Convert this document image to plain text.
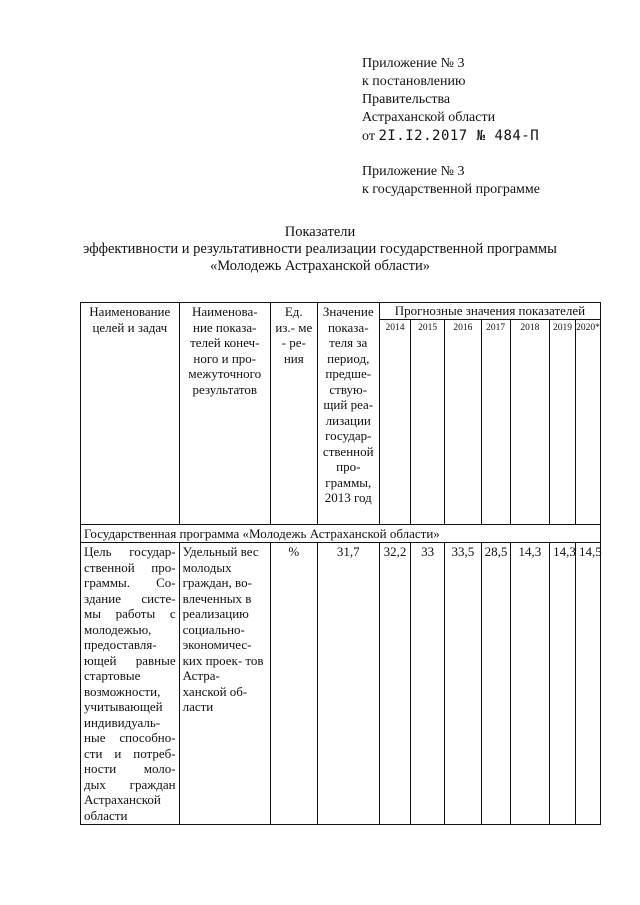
Приложение № 3
к постановлению
Правительства
Астраханской области
от 2I.I2.2017 № 484-П
Приложение № 3
к государственной программе
Показатели
эффективности и результативности реализации государственной программы
«Молодежь Астраханской области»
Наименование целей и задач	Наименова- ние показа- телей конеч- ного и про- межуточного результатов	Ед. из.- ме - ре- ния	Значение показа- теля за период, предше- ствую- щий реа- лизации государ- ственной про- граммы, 2013 год	Прогнозные значения показателей						
				2014	2015	2016	2017	2018	2019	2020*
Государственная программа «Молодежь Астраханской области»										
Цель государ- ственной про- граммы. Со- здание систе- мы работы с молодежью, предоставля- ющей равные стартовые возможности, учитывающей индивидуаль- ные способно- сти и потреб- ности моло- дых граждан Астраханской области	Удельный вес молодых граждан, во- влеченных в реализацию социально- экономичес- ких проек- тов Астра- ханской об- ласти	%	31,7	32,2	33	33,5	28,5	14,3	14,3	14,5
